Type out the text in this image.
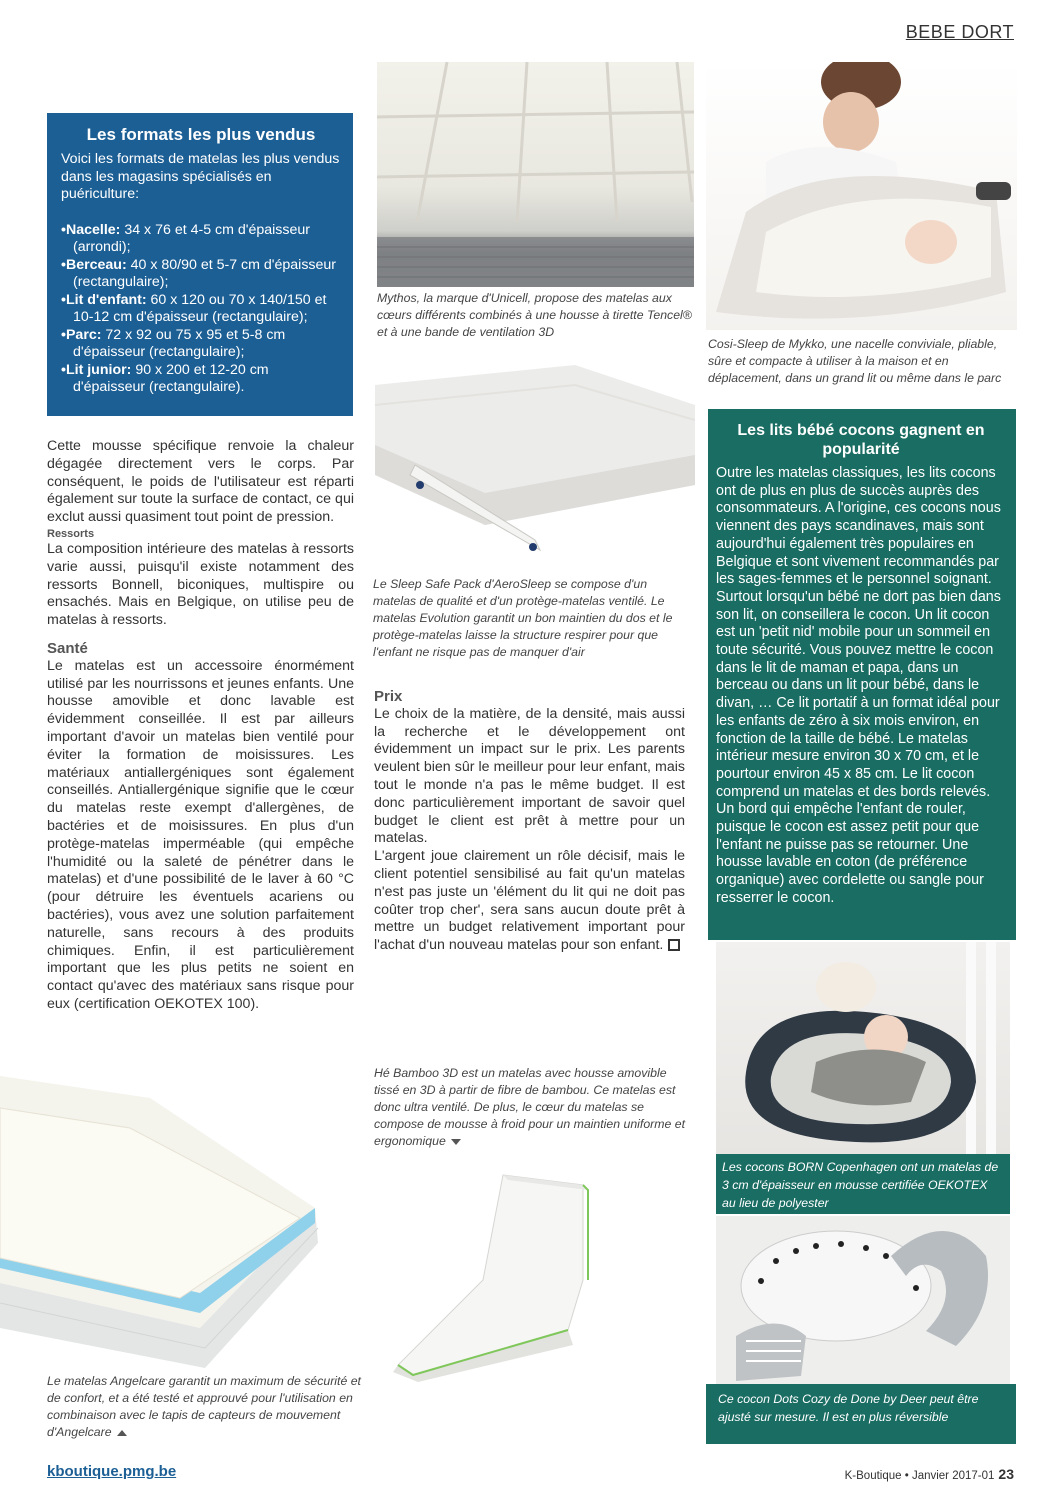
BEBE DORT
Les formats les plus vendus

Voici les formats de matelas les plus vendus dans les magasins spécialisés en puériculture:

•Nacelle: 34 x 76 et 4-5 cm d'épaisseur (arrondi);
•Berceau: 40 x 80/90 et 5-7 cm d'épaisseur (rectangulaire);
•Lit d'enfant: 60 x 120 ou 70 x 140/150 et 10-12 cm d'épaisseur (rectangulaire);
•Parc: 72 x 92 ou 75 x 95 et 5-8 cm d'épaisseur (rectangulaire);
•Lit junior: 90 x 200 et 12-20 cm d'épaisseur (rectangulaire).

Cette mousse spécifique renvoie la chaleur dégagée directement vers le corps. Par conséquent, le poids de l'utilisateur est réparti également sur toute la surface de contact, ce qui exclut aussi quasiment tout point de pression.

Ressorts

La composition intérieure des matelas à ressorts varie aussi, puisqu'il existe notamment des ressorts Bonnell, biconiques, multispire ou ensachés. Mais en Belgique, on utilise peu de matelas à ressorts.

Santé

Le matelas est un accessoire énormément utilisé par les nourrissons et jeunes enfants. Une housse amovible et donc lavable est évidemment conseillée. Il est par ailleurs important d'avoir un matelas bien ventilé pour éviter la formation de moisissures. Les matériaux antiallergéniques sont également conseillés. Antiallergénique signifie que le cœur du matelas reste exempt d'allergènes, de bactéries et de moisissures. En plus d'un protège-matelas imperméable (qui empêche l'humidité ou la saleté de pénétrer dans le matelas) et d'une possibilité de le laver à 60 °C (pour détruire les éventuels acariens ou bactéries), vous avez une solution parfaitement naturelle, sans recours à des produits chimiques. Enfin, il est particulièrement important que les plus petits ne soient en contact qu'avec des matériaux sans risque pour eux (certification OEKOTEX 100).

Mythos, la marque d'Unicell, propose des matelas aux cœurs différents combinés à une housse à tirette Tencel® et à une bande de ventilation 3D
Le Sleep Safe Pack d'AeroSleep se compose d'un matelas de qualité et d'un protège-matelas ventilé. Le matelas Evolution garantit un bon maintien du dos et le protège-matelas laisse la structure respirer pour que l'enfant ne risque pas de manquer d'air

Prix

Le choix de la matière, de la densité, mais aussi la recherche et le développement ont évidemment un impact sur le prix. Les parents veulent bien sûr le meilleur pour leur enfant, mais tout le monde n'a pas le même budget. Il est donc particulièrement important de savoir quel budget le client est prêt à mettre pour un matelas.

L'argent joue clairement un rôle décisif, mais le client potentiel sensibilisé au fait qu'un matelas n'est pas juste un 'élément du lit qui ne doit pas coûter trop cher', sera sans aucun doute prêt à mettre un budget relativement important pour l'achat d'un nouveau matelas pour son enfant.

Hé Bamboo 3D est un matelas avec housse amovible tissé en 3D à partir de fibre de bambou. Ce matelas est donc ultra ventilé. De plus, le cœur du matelas se compose de mousse à froid pour un maintien uniforme et ergonomique
Le matelas Angelcare garantit un maximum de sécurité et de confort, et a été testé et approuvé pour l'utilisation en combinaison avec le tapis de capteurs de mouvement d'Angelcare
Cosi-Sleep de Mykko, une nacelle conviviale, pliable, sûre et compacte à utiliser à la maison et en déplacement, dans un grand lit ou même dans le parc
Les lits bébé cocons gagnent en popularité

Outre les matelas classiques, les lits cocons ont de plus en plus de succès auprès des consommateurs. A l'origine, ces cocons nous viennent des pays scandinaves, mais sont aujourd'hui également très populaires en Belgique et sont vivement recommandés par les sages-femmes et le personnel soignant. Surtout lorsqu'un bébé ne dort pas bien dans son lit, on conseillera le cocon. Un lit cocon est un 'petit nid' mobile pour un sommeil en toute sécurité. Vous pouvez mettre le cocon dans le lit de maman et papa, dans un berceau ou dans un lit pour bébé, dans le divan, … Ce lit portatif à un format idéal pour les enfants de zéro à six mois environ, en fonction de la taille de bébé. Le matelas intérieur mesure environ 30 x 70 cm, et le pourtour environ 45 x 85 cm. Le lit cocon comprend un matelas et des bords relevés. Un bord qui empêche l'enfant de rouler, puisque le cocon est assez petit pour que l'enfant ne puisse pas se retourner. Une housse lavable en coton (de préférence organique) avec cordelette ou sangle pour resserrer le cocon.

Les cocons BORN Copenhagen ont un matelas de 3 cm d'épaisseur en mousse certifiée OEKOTEX au lieu de polyester
Ce cocon Dots Cozy de Done by Deer peut être ajusté sur mesure. Il est en plus réversible
kboutique.pmg.be	K-Boutique • Janvier 2017-01 23
